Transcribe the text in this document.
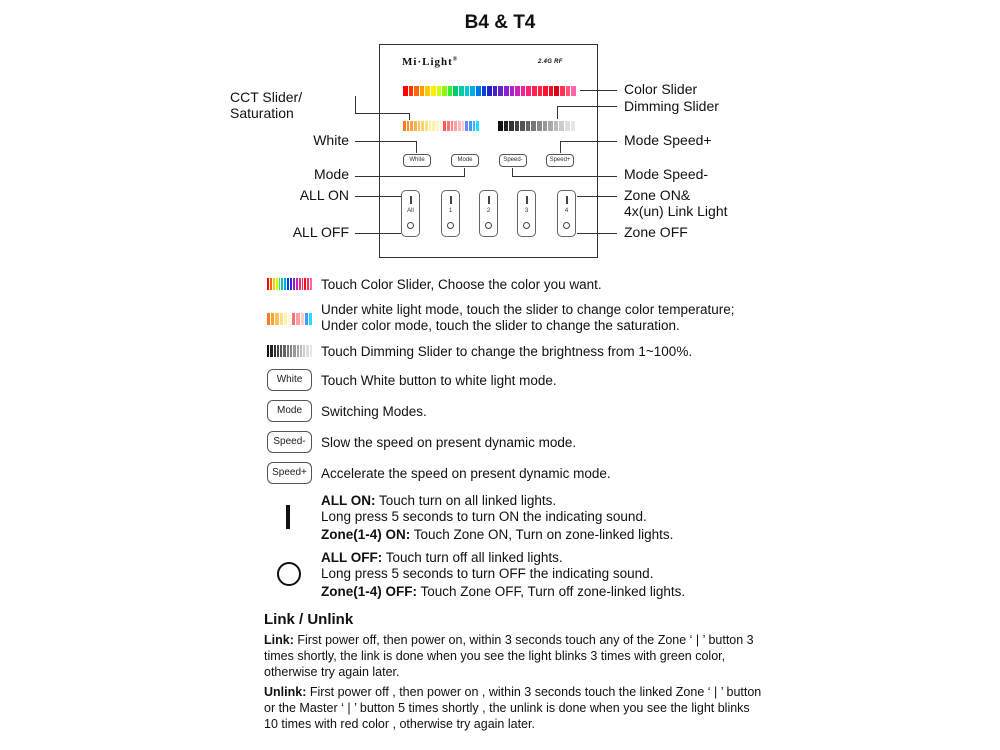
B4 & T4
Mi·Light®	2.4G RF
White	Mode	Speed-	Speed+
All	1	2	3	4
Color Slider
Dimming Slider
CCT Slider/
Saturation
White	Mode Speed+
Mode	Mode Speed-
ALL ON	Zone ON&
4x(un) Link Light
ALL OFF	Zone OFF
Touch Color Slider, Choose the color you want.
Under white light mode, touch the slider to change color temperature;
Under color mode, touch the slider to change the saturation.
Touch Dimming Slider to change the brightness from 1~100%.
White	Touch White button to white light mode.
Mode	Switching Modes.
Speed-	Slow the speed on present dynamic mode.
Speed+	Accelerate the speed on present dynamic mode.
ALL ON: Touch turn on all linked lights.
Long press 5 seconds to turn ON the indicating sound.
Zone(1-4) ON: Touch Zone ON, Turn on zone-linked lights.
ALL OFF: Touch turn off all linked lights.
Long press 5 seconds to turn OFF the indicating sound.
Zone(1-4) OFF: Touch Zone OFF, Turn off zone-linked lights.
Link / Unlink
Link: First power off, then power on, within 3 seconds touch any of the Zone ‘ | ’ button 3 times shortly, the link is done when you see the light blinks 3 times with green color, otherwise try again later.
Unlink: First power off , then power on , within 3 seconds touch the linked Zone ‘ | ’ button or the Master ‘ | ’ button 5 times shortly , the unlink is done when you see the light blinks 10 times with red color , otherwise try again later.
